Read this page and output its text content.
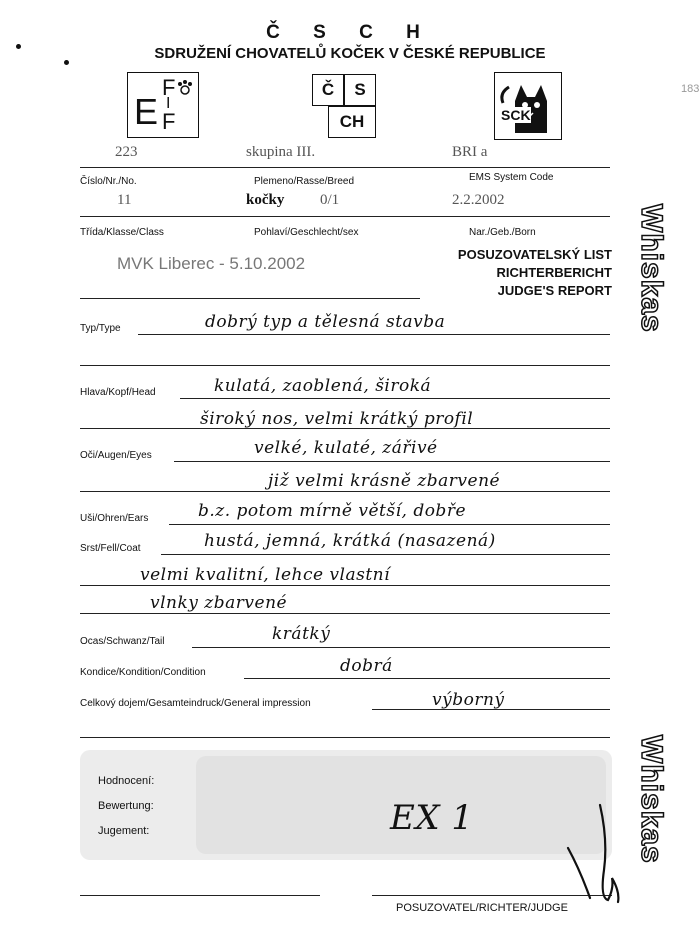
183
Č S C H
SDRUŽENÍ CHOVATELŮ KOČEK V ČESKÉ REPUBLICE
E
F
I
F
Č	S
CH	SCK
223	skupina III.	BRI a
Číslo/Nr./No.	Plemeno/Rasse/Breed	EMS System Code
11	kočky 0/1	2.2.2002
Třída/Klasse/Class	Pohlaví/Geschlecht/sex	Nar./Geb./Born
MVK Liberec - 5.10.2002	POSUZOVATELSKÝ LIST
RICHTERBERICHT
JUDGE'S REPORT
Typ/Type	dobrý typ a tělesná stavba
Hlava/Kopf/Head	kulatá, zaoblená, široká
široký nos, velmi krátký profil
Oči/Augen/Eyes	velké, kulaté, zářivé
již velmi krásně zbarvené
Uši/Ohren/Ears	b.z. potom mírně větší, dobře
Srst/Fell/Coat	hustá, jemná, krátká (nasazená)
velmi kvalitní, lehce vlastní
vlnky zbarvené
Ocas/Schwanz/Tail	krátký
Kondice/Kondition/Condition	dobrá
Celkový dojem/Gesamteindruck/General impression	výborný
Hodnocení:
Bewertung:
Jugement:	EX 1
POSUZOVATEL/RICHTER/JUDGE
Whiskas
Whiskas
